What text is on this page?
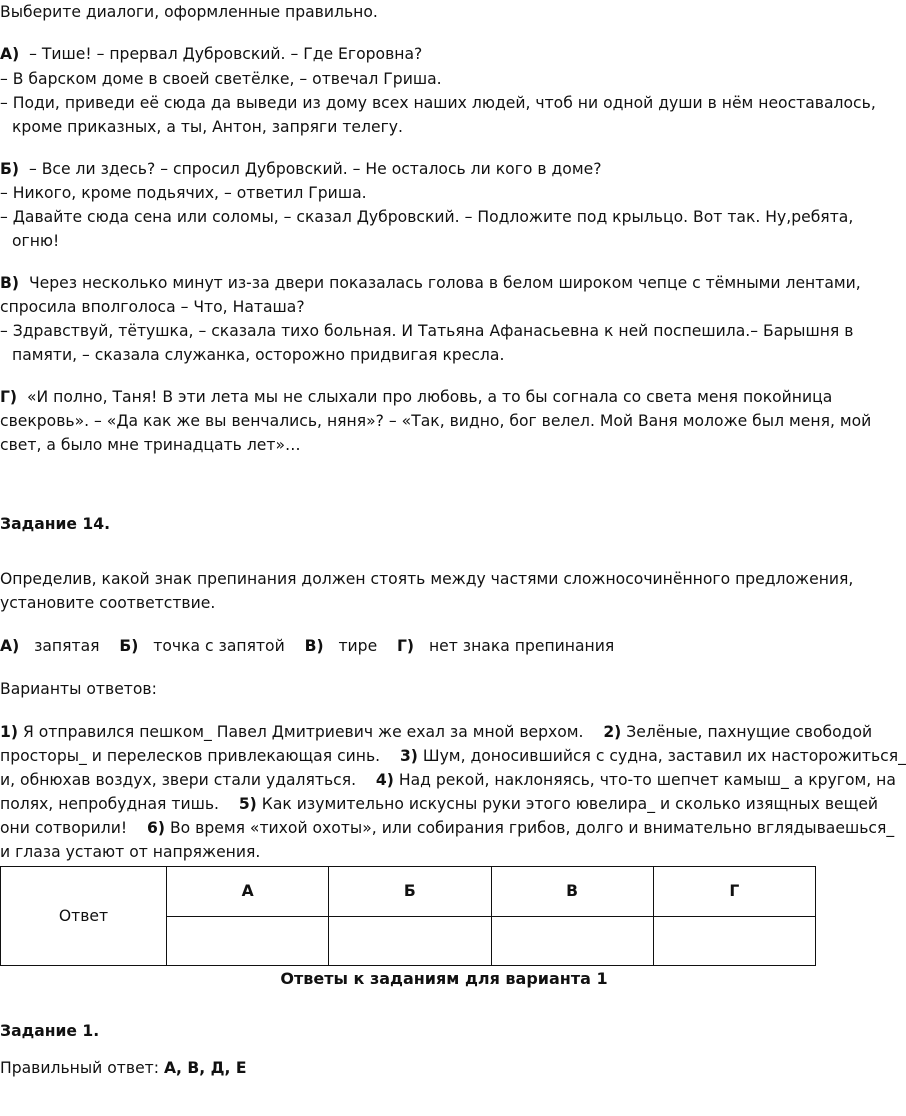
Выберите диалоги, оформленные правильно.
А) – Тише! – прервал Дубровский. – Где Егоровна?
– В барском доме в своей светёлке, – отвечал Гриша.
– Поди, приведи её сюда да выведи из дому всех наших людей, чтоб ни одной души в нём неоставалось,
кроме приказных, а ты, Антон, запряги телегу.
Б) – Все ли здесь? – спросил Дубровский. – Не осталось ли кого в доме?
– Никого, кроме подьячих, – ответил Гриша.
– Давайте сюда сена или соломы, – сказал Дубровский. – Подложите под крыльцо. Вот так. Ну,ребята,
огню!
В) Через несколько минут из-за двери показалась голова в белом широком чепце с тёмными лентами,
спросила вполголоса – Что, Наташа?
– Здравствуй, тётушка, – сказала тихо больная. И Татьяна Афанасьевна к ней поспешила.– Барышня в
памяти, – сказала служанка, осторожно придвигая кресла.
Г) «И полно, Таня! В эти лета мы не слыхали про любовь, а то бы согнала со света меня покойница
свекровь». – «Да как же вы венчались, няня»? – «Так, видно, бог велел. Мой Ваня моложе был меня, мой
свет, а было мне тринадцать лет»…
Задание 14.
Определив, какой знак препинания должен стоять между частями сложносочинённого предложения,
установите соответствие.
А) запятая Б) точка с запятой В) тире Г) нет знака препинания
Варианты ответов:
1) Я отправился пешком_ Павел Дмитриевич же ехал за мной верхом. 2) Зелёные, пахнущие свободой
просторы_ и перелесков привлекающая синь. 3) Шум, доносившийся с судна, заставил их насторожиться_
и, обнюхав воздух, звери стали удаляться. 4) Над рекой, наклоняясь, что-то шепчет камыш_ а кругом, на
полях, непробудная тишь. 5) Как изумительно искусны руки этого ювелира_ и сколько изящных вещей
они сотворили! 6) Во время «тихой охоты», или собирания грибов, долго и внимательно вглядываешься_
и глаза устают от напряжения.
Ответ	А	Б	В	Г

Ответы к заданиям для варианта 1
Задание 1.
Правильный ответ: А, В, Д, Е
